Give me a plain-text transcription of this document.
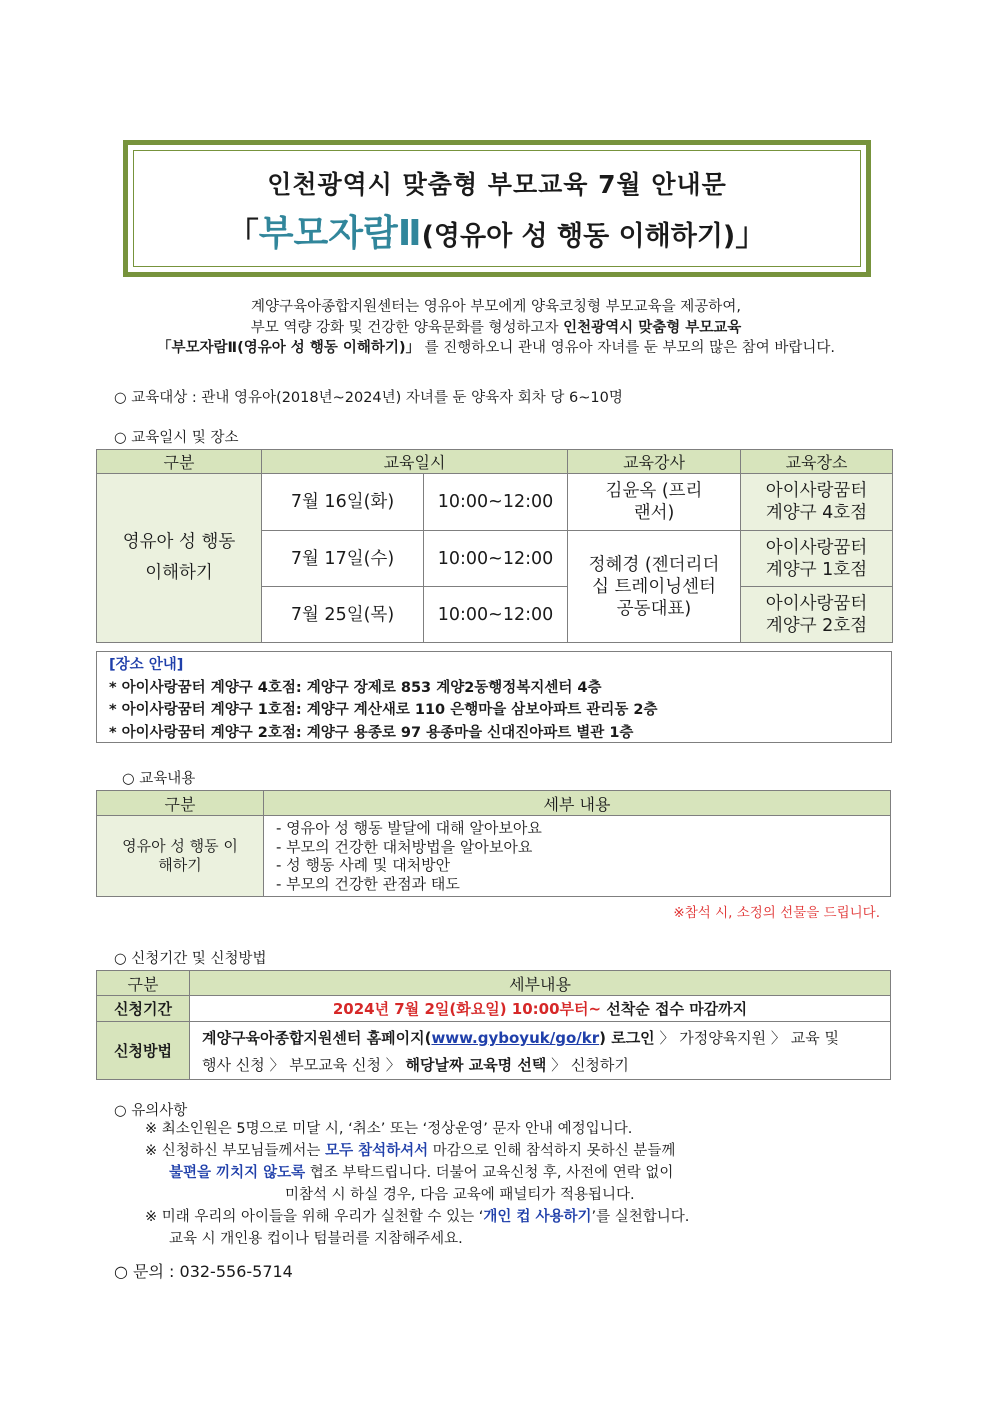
인천광역시 맞춤형 부모교육 7월 안내문
「부모자람Ⅱ(영유아 성 행동 이해하기)」
계양구육아종합지원센터는 영유아 부모에게 양육코칭형 부모교육을 제공하여,
부모 역량 강화 및 건강한 양육문화를 형성하고자 인천광역시 맞춤형 부모교육
「부모자람Ⅱ(영유아 성 행동 이해하기)」 를 진행하오니 관내 영유아 자녀를 둔 부모의 많은 참여 바랍니다.
○ 교육대상 : 관내 영유아(2018년~2024년) 자녀를 둔 양육자 회차 당 6~10명
○ 교육일시 및 장소
구분	교육일시		교육강사	교육장소
영유아 성 행동 이해하기	7월 16일(화)	10:00~12:00	김윤옥 (프리랜서)	아이사랑꿈터 계양구 4호점
	7월 17일(수)	10:00~12:00	정혜경 (젠더리더십 트레이닝센터 공동대표)	아이사랑꿈터 계양구 1호점
	7월 25일(목)	10:00~12:00		아이사랑꿈터 계양구 2호점
[장소 안내]
* 아이사랑꿈터 계양구 4호점: 계양구 장제로 853 계양2동행정복지센터 4층
* 아이사랑꿈터 계양구 1호점: 계양구 계산새로 110 은행마을 삼보아파트 관리동 2층
* 아이사랑꿈터 계양구 2호점: 계양구 용종로 97 용종마을 신대진아파트 별관 1층
○ 교육내용
구분	세부 내용
영유아 성 행동 이해하기	- 영유아 성 행동 발달에 대해 알아보아요
- 부모의 건강한 대처방법을 알아보아요
- 성 행동 사례 및 대처방안
- 부모의 건강한 관점과 태도
※참석 시, 소정의 선물을 드립니다.
○ 신청기간 및 신청방법
구분	세부내용
신청기간	2024년 7월 2일(화요일) 10:00부터~ 선착순 접수 마감까지
신청방법	계양구육아종합지원센터 홈페이지(www.gyboyuk/go/kr) 로그인 〉 가정양육지원 〉 교육 및
행사 신청 〉 부모교육 신청 〉 해당날짜 교육명 선택 〉 신청하기
○ 유의사항
※ 최소인원은 5명으로 미달 시, ‘취소’ 또는 ‘정상운영’ 문자 안내 예정입니다.
※ 신청하신 부모님들께서는 모두 참석하셔서 마감으로 인해 참석하지 못하신 분들께
불편을 끼치지 않도록 협조 부탁드립니다. 더불어 교육신청 후, 사전에 연락 없이
미참석 시 하실 경우, 다음 교육에 패널티가 적용됩니다.
※ 미래 우리의 아이들을 위해 우리가 실천할 수 있는 ‘개인 컵 사용하기’를 실천합니다.
교육 시 개인용 컵이나 텀블러를 지참해주세요.
○ 문의 : 032-556-5714
